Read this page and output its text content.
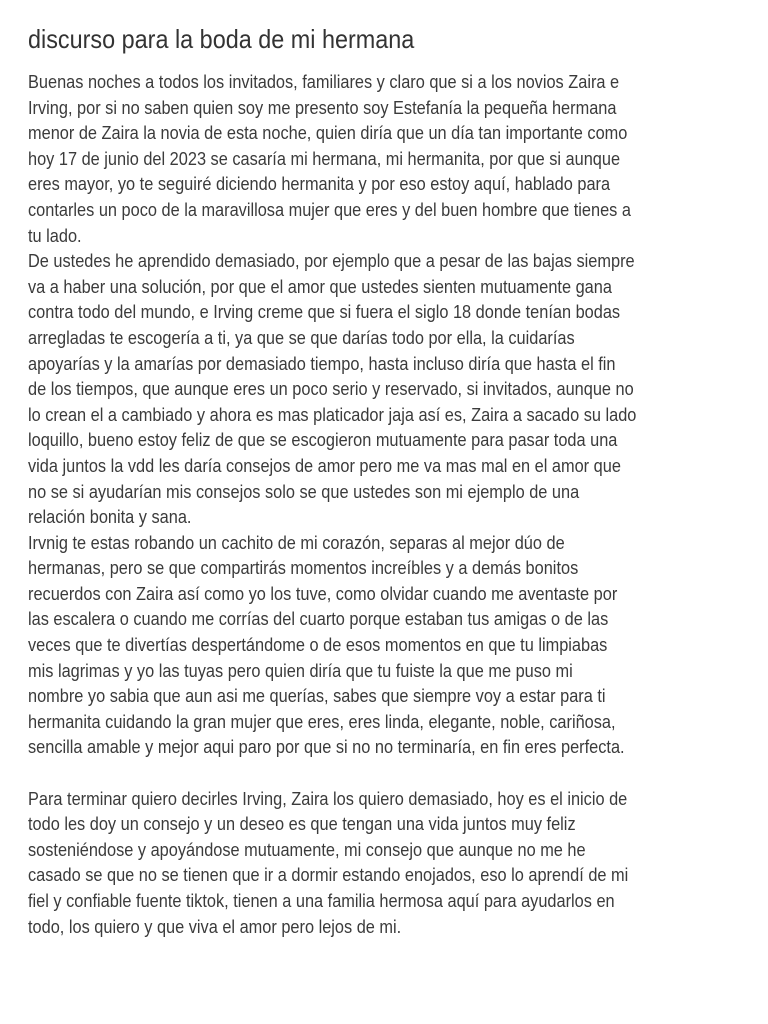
discurso para la boda de mi hermana
Buenas noches a todos los invitados, familiares y claro que si a los novios Zaira e
Irving, por si no saben quien soy me presento soy Estefanía la pequeña hermana
menor de Zaira la novia de esta noche, quien diría que un día tan importante como
hoy 17 de junio del 2023 se casaría mi hermana, mi hermanita, por que si aunque
eres mayor, yo te seguiré diciendo hermanita y por eso estoy aquí, hablado para
contarles un poco de la maravillosa mujer que eres y del buen hombre que tienes a
tu lado.
De ustedes he aprendido demasiado, por ejemplo que a pesar de las bajas siempre
va a haber una solución, por que el amor que ustedes sienten mutuamente gana
contra todo del mundo, e Irving creme que si fuera el siglo 18 donde tenían bodas
arregladas te escogería a ti, ya que se que darías todo por ella, la cuidarías
apoyarías y la amarías por demasiado tiempo, hasta incluso diría que hasta el fin
de los tiempos, que aunque eres un poco serio y reservado, si invitados, aunque no
lo crean el a cambiado y ahora es mas platicador jaja así es, Zaira a sacado su lado
loquillo, bueno estoy feliz de que se escogieron mutuamente para pasar toda una
vida juntos la vdd les daría consejos de amor pero me va mas mal en el amor que
no se si ayudarían mis consejos solo se que ustedes son mi ejemplo de una
relación bonita y sana.
Irvnig te estas robando un cachito de mi corazón, separas al mejor dúo de
hermanas, pero se que compartirás momentos increíbles y a demás bonitos
recuerdos con Zaira así como yo los tuve, como olvidar cuando me aventaste por
las escalera o cuando me corrías del cuarto porque estaban tus amigas o de las
veces que te divertías despertándome o de esos momentos en que tu limpiabas
mis lagrimas y yo las tuyas pero quien diría que tu fuiste la que me puso mi
nombre yo sabia que aun asi me querías, sabes que siempre voy a estar para ti
hermanita cuidando la gran mujer que eres, eres linda, elegante, noble, cariñosa,
sencilla amable y mejor aqui paro por que si no no terminaría, en fin eres perfecta.
Para terminar quiero decirles Irving, Zaira los quiero demasiado, hoy es el inicio de
todo les doy un consejo y un deseo es que tengan una vida juntos muy feliz
sosteniéndose y apoyándose mutuamente, mi consejo que aunque no me he
casado se que no se tienen que ir a dormir estando enojados, eso lo aprendí de mi
fiel y confiable fuente tiktok, tienen a una familia hermosa aquí para ayudarlos en
todo, los quiero y que viva el amor pero lejos de mi.
